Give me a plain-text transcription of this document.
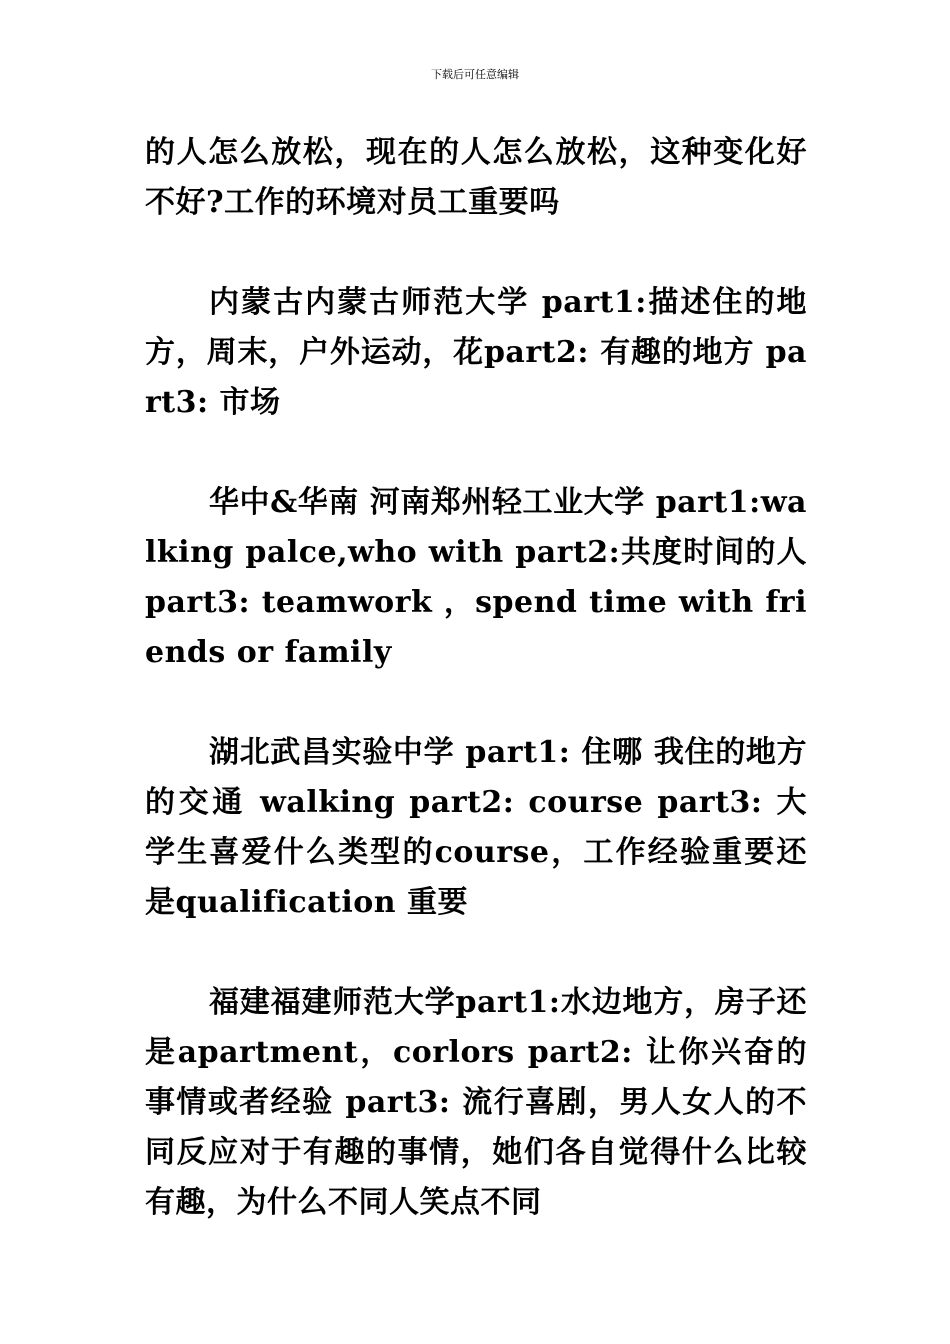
下载后可任意编辑

的人怎么放松，现在的人怎么放松，这种变化好不好?工作的环境对员工重要吗

内蒙古内蒙古师范大学 part1:描述住的地方，周末，户外运动，花part2: 有趣的地方 part3: 市场

华中&华南 河南郑州轻工业大学 part1:walking palce,who with part2:共度时间的人 part3: teamwork ，spend time with friends or family

湖北武昌实验中学 part1: 住哪 我住的地方的交通 walking part2: course part3: 大学生喜爱什么类型的course，工作经验重要还是qualification 重要

福建福建师范大学part1:水边地方，房子还是apartment，corlors part2: 让你兴奋的事情或者经验 part3: 流行喜剧，男人女人的不同反应对于有趣的事情，她们各自觉得什么比较有趣，为什么不同人笑点不同
